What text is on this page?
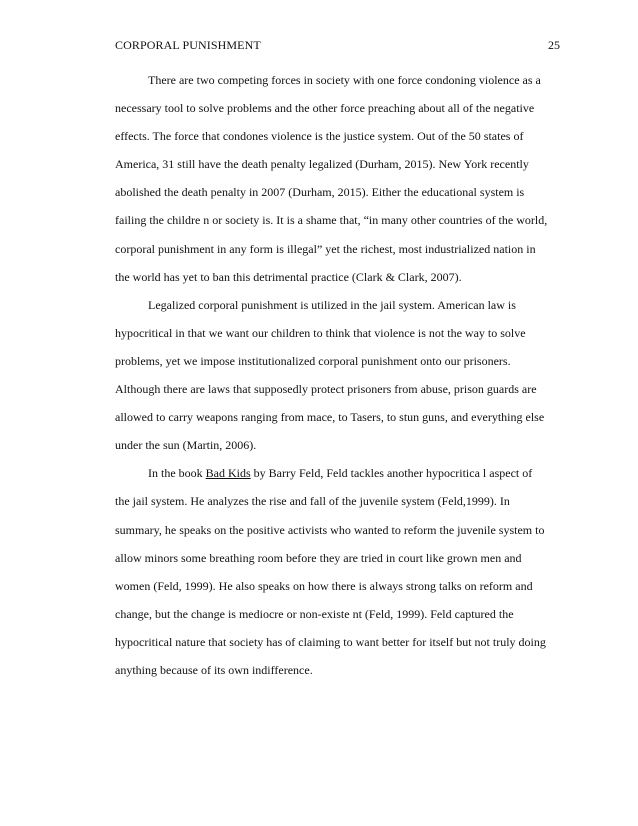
CORPORAL PUNISHMENT	25
There are two competing forces in society with one force condoning violence as a
necessary tool to solve problems and the other force preaching about all of the negative
effects. The force that condones violence is the justice system. Out of the 50 states of
America, 31 still have the death penalty legalized (Durham, 2015). New York recently
abolished the death penalty in 2007 (Durham, 2015). Either the educational system is
failing the childre n or society is. It is a shame that, “in many other countries of the world,
corporal punishment in any form is illegal” yet the richest, most industrialized nation in
the world has yet to ban this detrimental practice (Clark & Clark, 2007).
Legalized corporal punishment is utilized in the jail system. American law is
hypocritical in that we want our children to think that violence is not the way to solve
problems, yet we impose institutionalized corporal punishment onto our prisoners.
Although there are laws that supposedly protect prisoners from abuse, prison guards are
allowed to carry weapons ranging from mace, to Tasers, to stun guns, and everything else
under the sun (Martin, 2006).
In the book Bad Kids by Barry Feld, Feld tackles another hypocritica l aspect of
the jail system. He analyzes the rise and fall of the juvenile system (Feld,1999). In
summary, he speaks on the positive activists who wanted to reform the juvenile system to
allow minors some breathing room before they are tried in court like grown men and
women (Feld, 1999). He also speaks on how there is always strong talks on reform and
change, but the change is mediocre or non-existe nt (Feld, 1999). Feld captured the
hypocritical nature that society has of claiming to want better for itself but not truly doing
anything because of its own indifference.
